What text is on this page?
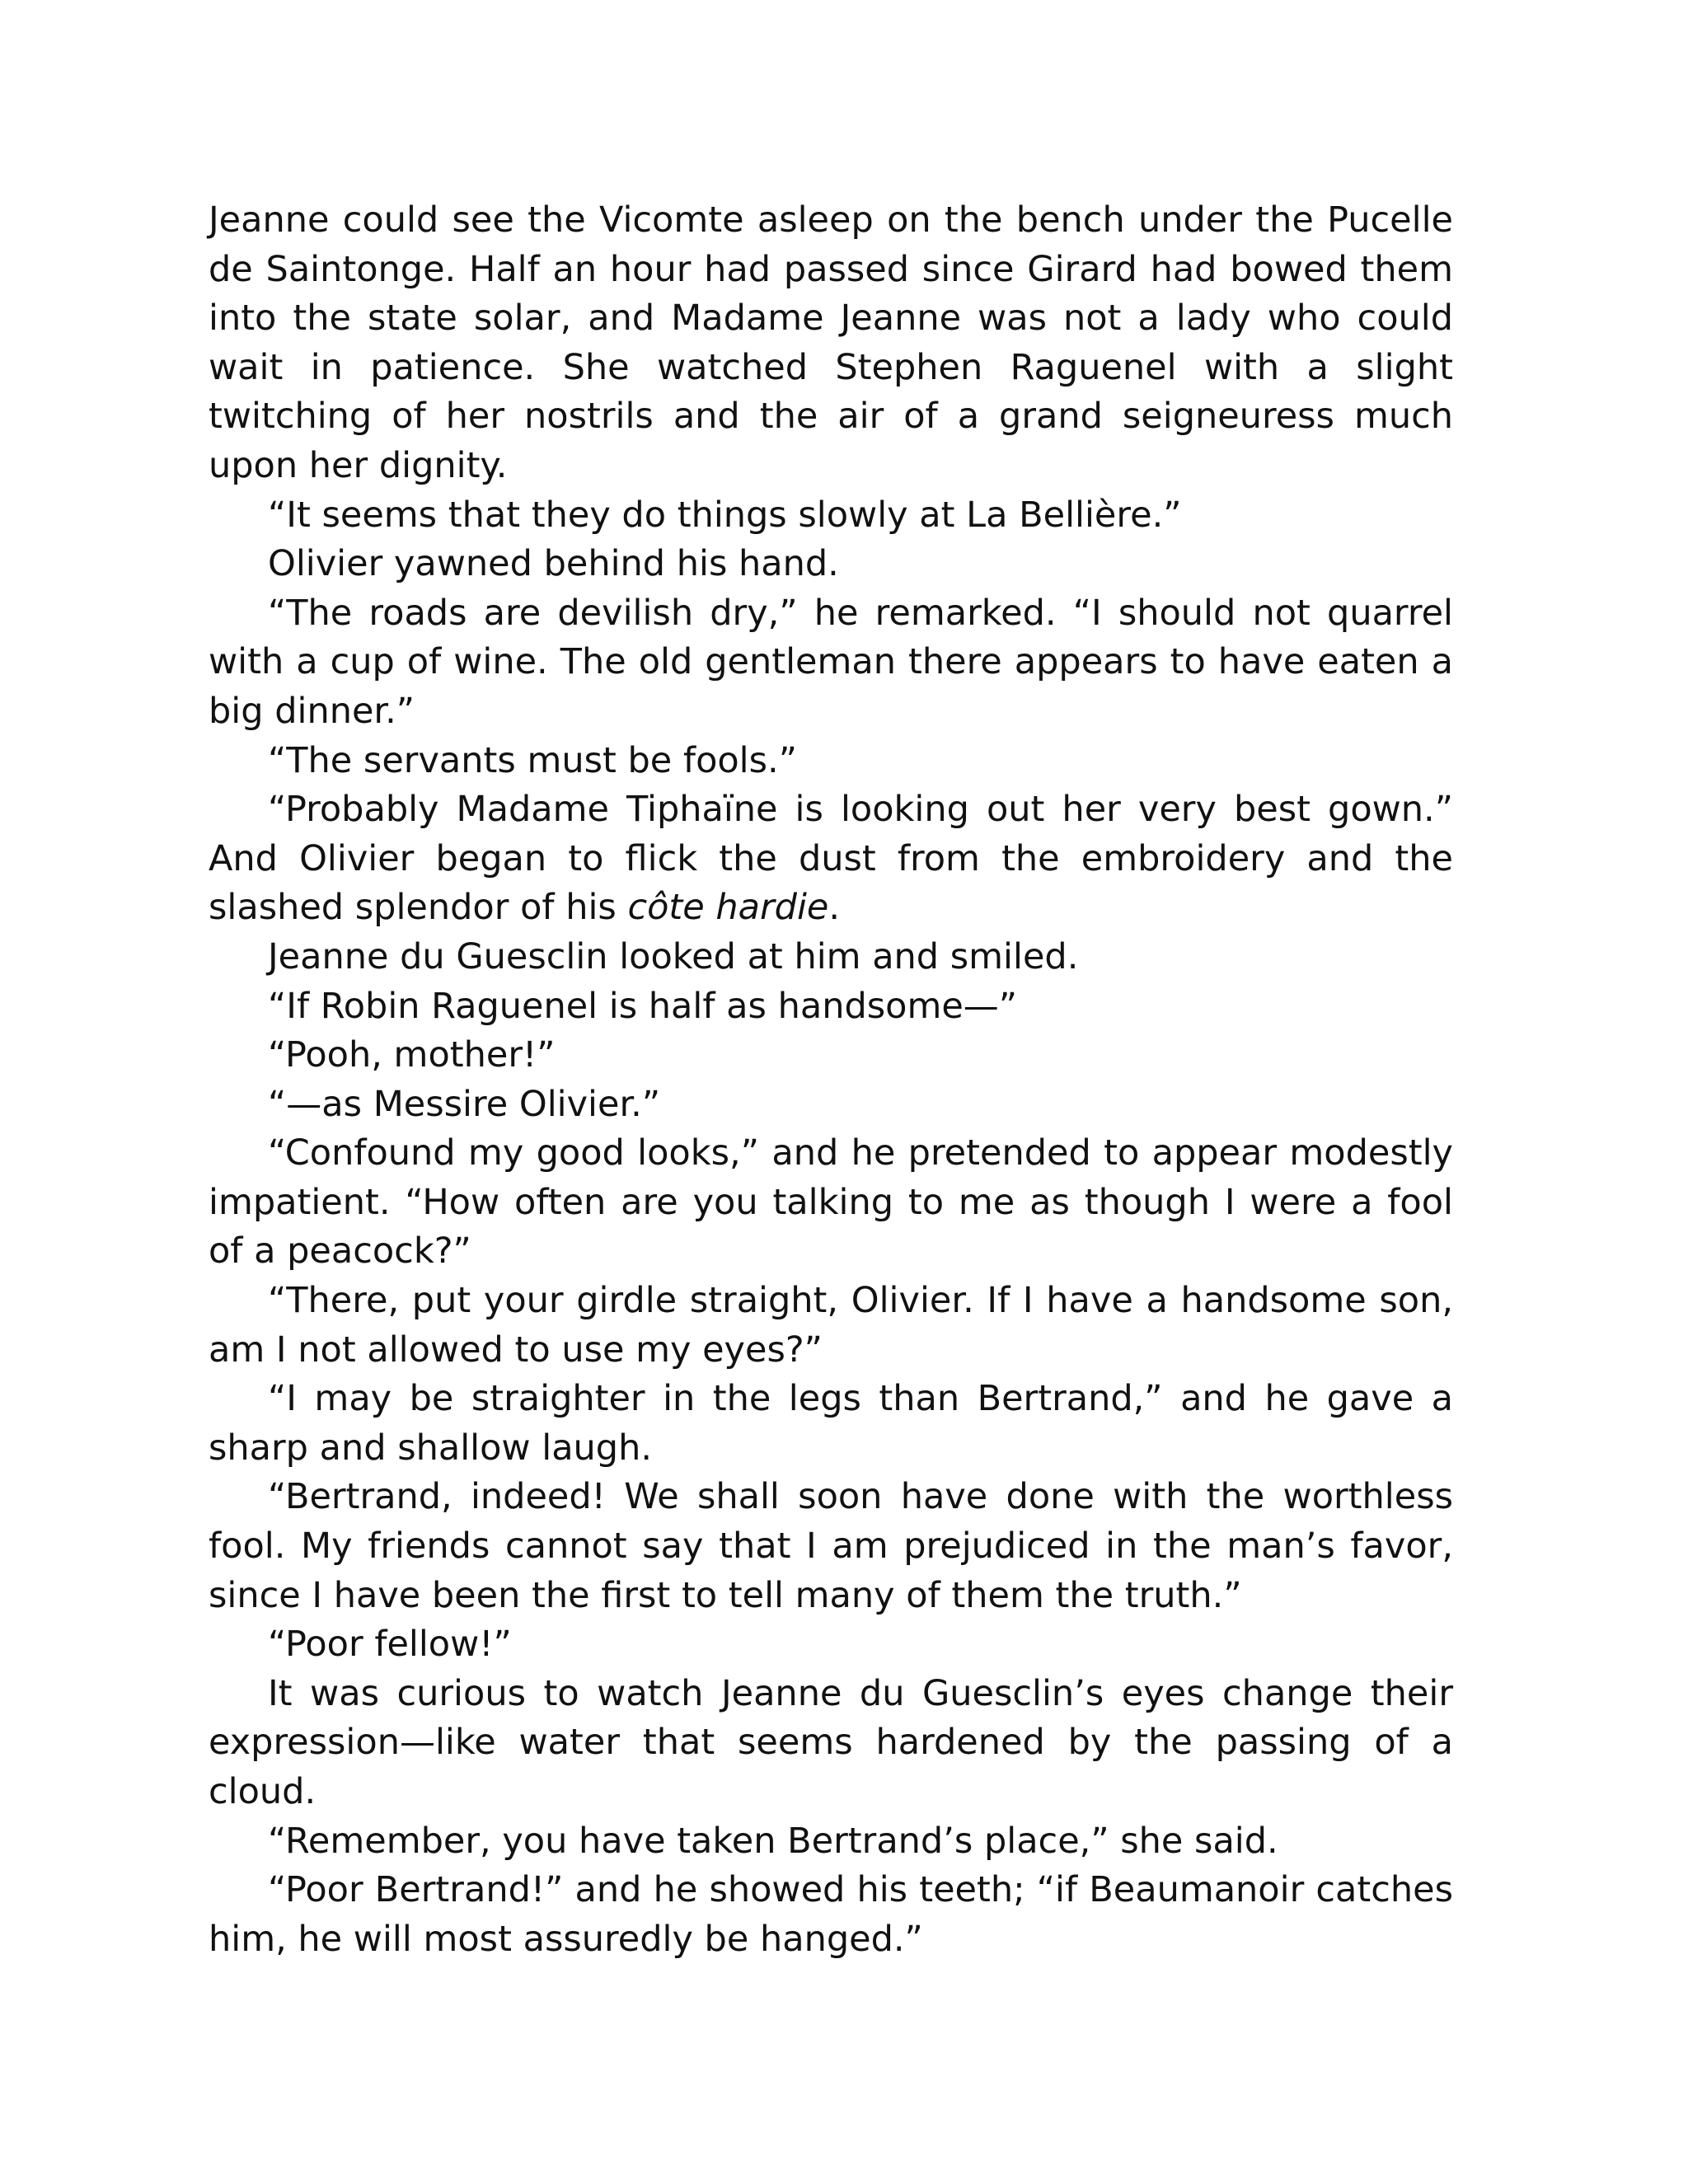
Jeanne could see the Vicomte asleep on the bench under the Pucelle de Saintonge. Half an hour had passed since Girard had bowed them into the state solar, and Madame Jeanne was not a lady who could wait in patience. She watched Stephen Raguenel with a slight twitching of her nostrils and the air of a grand seigneuress much upon her dignity.

“It seems that they do things slowly at La Bellière.”

Olivier yawned behind his hand.

“The roads are devilish dry,” he remarked. “I should not quarrel with a cup of wine. The old gentleman there appears to have eaten a big dinner.”

“The servants must be fools.”

“Probably Madame Tiphaïne is looking out her very best gown.” And Olivier began to flick the dust from the embroidery and the slashed splendor of his côte hardie.

Jeanne du Guesclin looked at him and smiled.

“If Robin Raguenel is half as handsome—”

“Pooh, mother!”

“—as Messire Olivier.”

“Confound my good looks,” and he pretended to appear modestly impatient. “How often are you talking to me as though I were a fool of a peacock?”

“There, put your girdle straight, Olivier. If I have a handsome son, am I not allowed to use my eyes?”

“I may be straighter in the legs than Bertrand,” and he gave a sharp and shallow laugh.

“Bertrand, indeed! We shall soon have done with the worthless fool. My friends cannot say that I am prejudiced in the man’s favor, since I have been the first to tell many of them the truth.”

“Poor fellow!”

It was curious to watch Jeanne du Guesclin’s eyes change their expression—like water that seems hardened by the passing of a cloud.

“Remember, you have taken Bertrand’s place,” she said.

“Poor Bertrand!” and he showed his teeth; “if Beaumanoir catches him, he will most assuredly be hanged.”
